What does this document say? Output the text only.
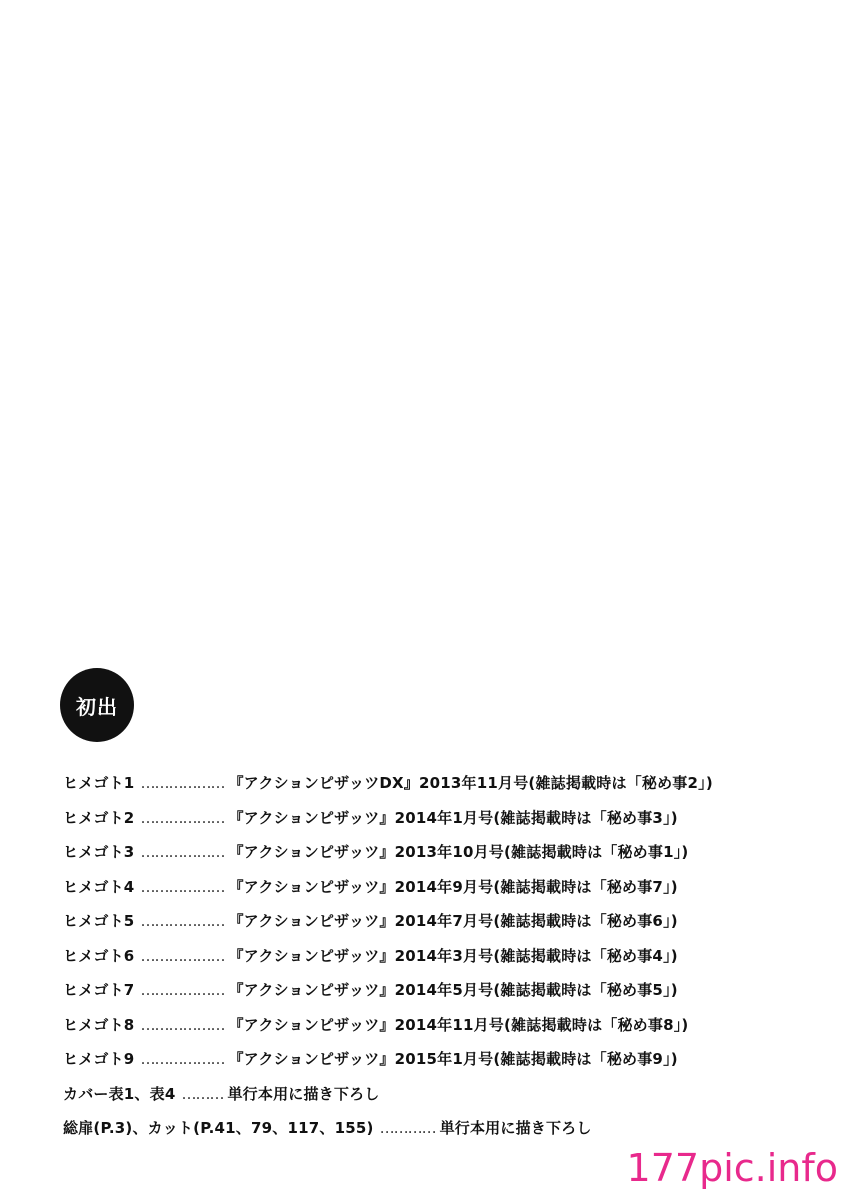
初出
ヒメゴト1 ……………… 『アクションピザッツDX』2013年11月号(雑誌掲載時は「秘め事2」)
ヒメゴト2 ……………… 『アクションピザッツ』2014年1月号(雑誌掲載時は「秘め事3」)
ヒメゴト3 ……………… 『アクションピザッツ』2013年10月号(雑誌掲載時は「秘め事1」)
ヒメゴト4 ……………… 『アクションピザッツ』2014年9月号(雑誌掲載時は「秘め事7」)
ヒメゴト5 ……………… 『アクションピザッツ』2014年7月号(雑誌掲載時は「秘め事6」)
ヒメゴト6 ……………… 『アクションピザッツ』2014年3月号(雑誌掲載時は「秘め事4」)
ヒメゴト7 ……………… 『アクションピザッツ』2014年5月号(雑誌掲載時は「秘め事5」)
ヒメゴト8 ……………… 『アクションピザッツ』2014年11月号(雑誌掲載時は「秘め事8」)
ヒメゴト9 ……………… 『アクションピザッツ』2015年1月号(雑誌掲載時は「秘め事9」)
カバー表1、表4 ……… 単行本用に描き下ろし
総扉(P.3)、カット(P.41、79、117、155) ………… 単行本用に描き下ろし
177pic.info
